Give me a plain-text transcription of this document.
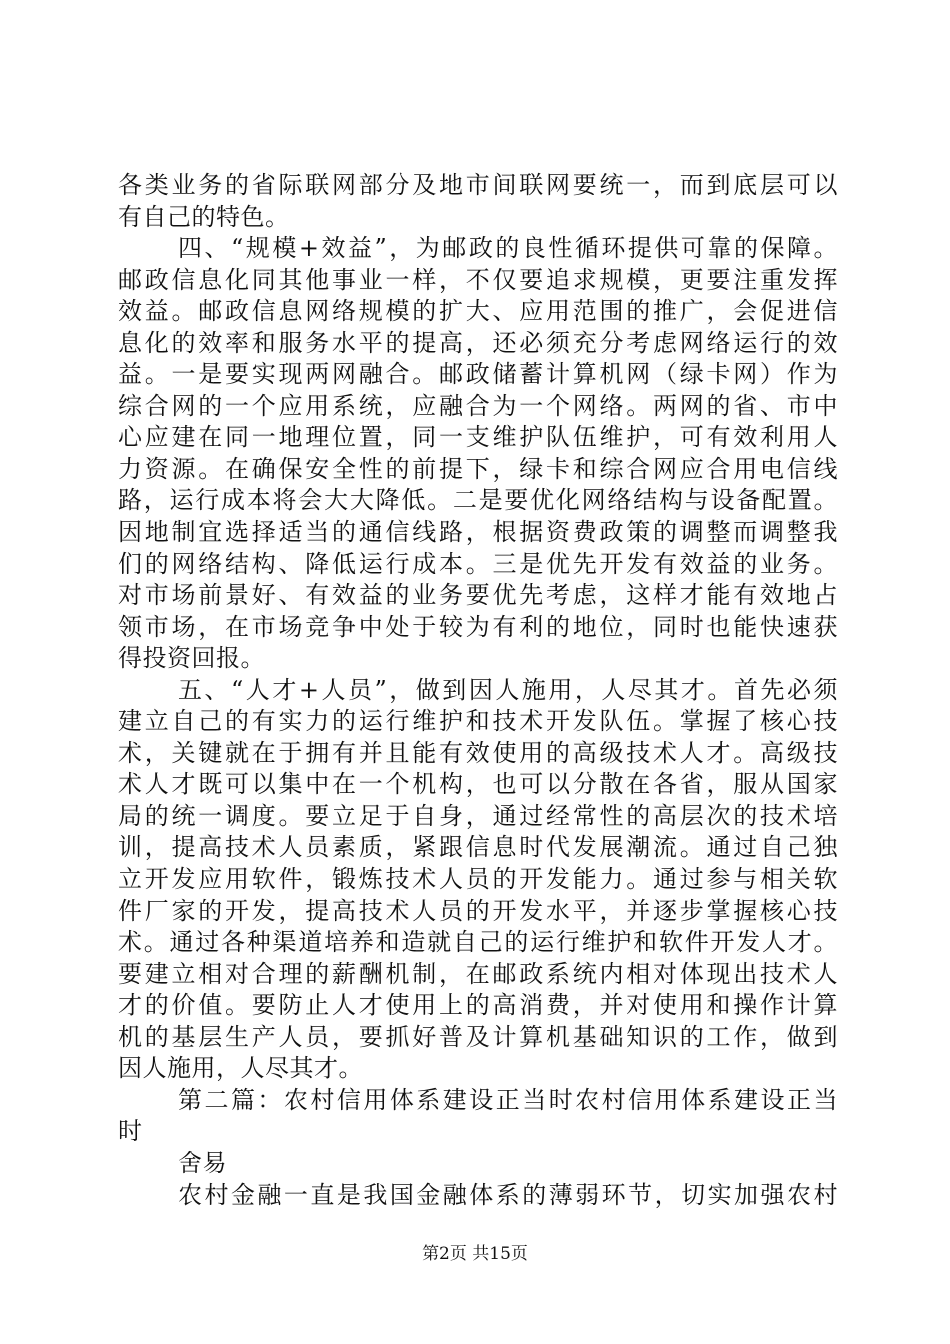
各类业务的省际联网部分及地市间联网要统一，而到底层可以
有自己的特色。
四、“规模+效益”，为邮政的良性循环提供可靠的保障。
邮政信息化同其他事业一样，不仅要追求规模，更要注重发挥
效益。邮政信息网络规模的扩大、应用范围的推广，会促进信
息化的效率和服务水平的提高，还必须充分考虑网络运行的效
益。一是要实现两网融合。邮政储蓄计算机网（绿卡网）作为
综合网的一个应用系统，应融合为一个网络。两网的省、市中
心应建在同一地理位置，同一支维护队伍维护，可有效利用人
力资源。在确保安全性的前提下，绿卡和综合网应合用电信线
路，运行成本将会大大降低。二是要优化网络结构与设备配置。
因地制宜选择适当的通信线路，根据资费政策的调整而调整我
们的网络结构、降低运行成本。三是优先开发有效益的业务。
对市场前景好、有效益的业务要优先考虑，这样才能有效地占
领市场，在市场竞争中处于较为有利的地位，同时也能快速获
得投资回报。
五、“人才+人员”，做到因人施用，人尽其才。首先必须
建立自己的有实力的运行维护和技术开发队伍。掌握了核心技
术，关键就在于拥有并且能有效使用的高级技术人才。高级技
术人才既可以集中在一个机构，也可以分散在各省，服从国家
局的统一调度。要立足于自身，通过经常性的高层次的技术培
训，提高技术人员素质，紧跟信息时代发展潮流。通过自己独
立开发应用软件，锻炼技术人员的开发能力。通过参与相关软
件厂家的开发，提高技术人员的开发水平，并逐步掌握核心技
术。通过各种渠道培养和造就自己的运行维护和软件开发人才。
要建立相对合理的薪酬机制，在邮政系统内相对体现出技术人
才的价值。要防止人才使用上的高消费，并对使用和操作计算
机的基层生产人员，要抓好普及计算机基础知识的工作，做到
因人施用，人尽其才。
第二篇：农村信用体系建设正当时农村信用体系建设正当
时
舍易
农村金融一直是我国金融体系的薄弱环节，切实加强农村
第2页 共15页
